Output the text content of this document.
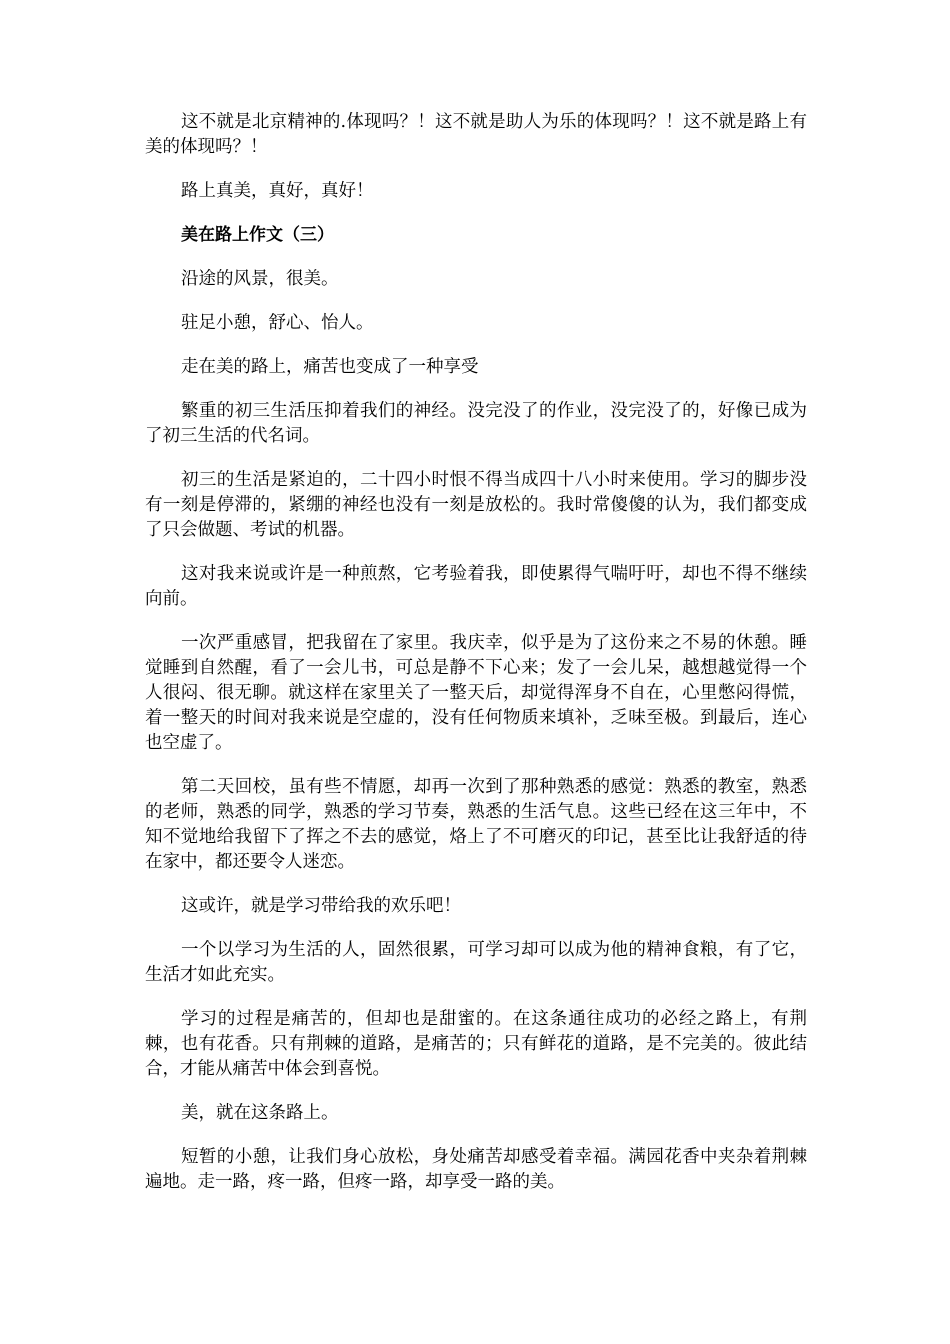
这不就是北京精神的.体现吗？！这不就是助人为乐的体现吗？！这不就是路上有美的体现吗？！

路上真美，真好，真好！

美在路上作文（三）

沿途的风景，很美。

驻足小憩，舒心、怡人。

走在美的路上，痛苦也变成了一种享受

繁重的初三生活压抑着我们的神经。没完没了的作业，没完没了的，好像已成为了初三生活的代名词。

初三的生活是紧迫的，二十四小时恨不得当成四十八小时来使用。学习的脚步没有一刻是停滞的，紧绷的神经也没有一刻是放松的。我时常傻傻的认为，我们都变成了只会做题、考试的机器。

这对我来说或许是一种煎熬，它考验着我，即使累得气喘吁吁，却也不得不继续向前。

一次严重感冒，把我留在了家里。我庆幸，似乎是为了这份来之不易的休憩。睡觉睡到自然醒，看了一会儿书，可总是静不下心来；发了一会儿呆，越想越觉得一个人很闷、很无聊。就这样在家里关了一整天后，却觉得浑身不自在，心里憋闷得慌，着一整天的时间对我来说是空虚的，没有任何物质来填补，乏味至极。到最后，连心也空虚了。

第二天回校，虽有些不情愿，却再一次到了那种熟悉的感觉：熟悉的教室，熟悉的老师，熟悉的同学，熟悉的学习节奏，熟悉的生活气息。这些已经在这三年中，不知不觉地给我留下了挥之不去的感觉，烙上了不可磨灭的印记，甚至比让我舒适的待在家中，都还要令人迷恋。

这或许，就是学习带给我的欢乐吧！

一个以学习为生活的人，固然很累，可学习却可以成为他的精神食粮，有了它，生活才如此充实。

学习的过程是痛苦的，但却也是甜蜜的。在这条通往成功的必经之路上，有荆棘，也有花香。只有荆棘的道路，是痛苦的；只有鲜花的道路，是不完美的。彼此结合，才能从痛苦中体会到喜悦。

美，就在这条路上。

短暂的小憩，让我们身心放松，身处痛苦却感受着幸福。满园花香中夹杂着荆棘遍地。走一路，疼一路，但疼一路，却享受一路的美。
